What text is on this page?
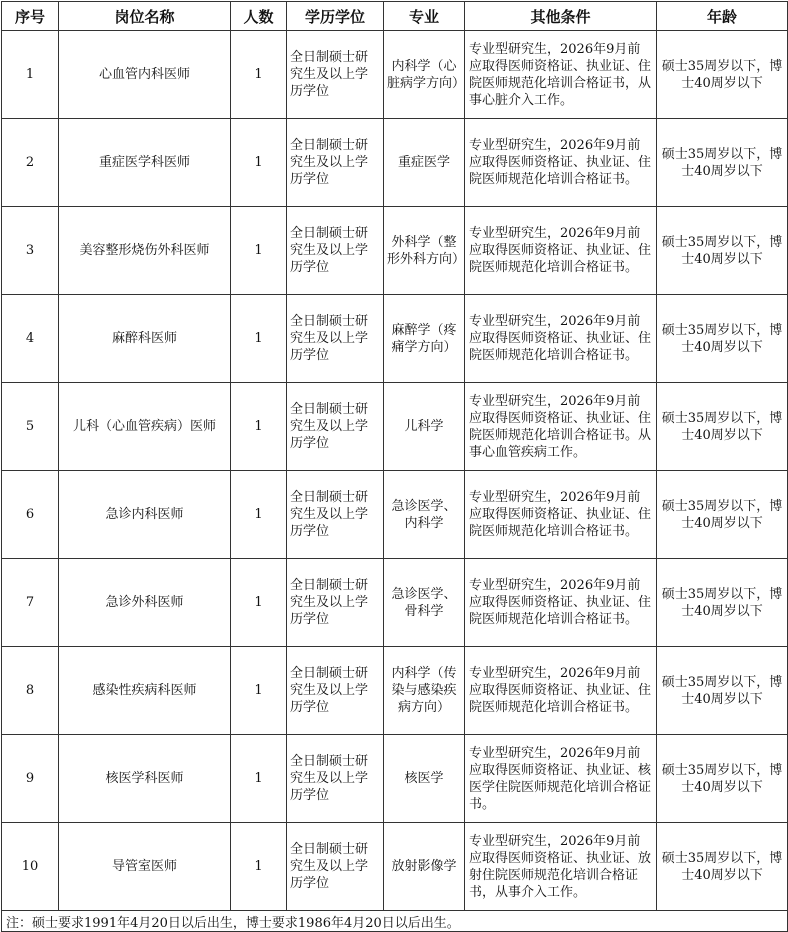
序号	岗位名称	人数	学历学位	专业	其他条件	年龄
1	心血管内科医师	1	全日制硕士研究生及以上学历学位	内科学（心脏病学方向）	专业型研究生，2026年9月前应取得医师资格证、执业证、住院医师规范化培训合格证书，从事心脏介入工作。	硕士35周岁以下，博士40周岁以下
2	重症医学科医师	1	全日制硕士研究生及以上学历学位	重症医学	专业型研究生，2026年9月前应取得医师资格证、执业证、住院医师规范化培训合格证书。	硕士35周岁以下，博士40周岁以下
3	美容整形烧伤外科医师	1	全日制硕士研究生及以上学历学位	外科学（整形外科方向）	专业型研究生，2026年9月前应取得医师资格证、执业证、住院医师规范化培训合格证书。	硕士35周岁以下，博士40周岁以下
4	麻醉科医师	1	全日制硕士研究生及以上学历学位	麻醉学（疼痛学方向）	专业型研究生，2026年9月前应取得医师资格证、执业证、住院医师规范化培训合格证书。	硕士35周岁以下，博士40周岁以下
5	儿科（心血管疾病）医师	1	全日制硕士研究生及以上学历学位	儿科学	专业型研究生，2026年9月前应取得医师资格证、执业证、住院医师规范化培训合格证书。从事心血管疾病工作。	硕士35周岁以下，博士40周岁以下
6	急诊内科医师	1	全日制硕士研究生及以上学历学位	急诊医学、内科学	专业型研究生，2026年9月前应取得医师资格证、执业证、住院医师规范化培训合格证书。	硕士35周岁以下，博士40周岁以下
7	急诊外科医师	1	全日制硕士研究生及以上学历学位	急诊医学、骨科学	专业型研究生，2026年9月前应取得医师资格证、执业证、住院医师规范化培训合格证书。	硕士35周岁以下，博士40周岁以下
8	感染性疾病科医师	1	全日制硕士研究生及以上学历学位	内科学（传染与感染疾病方向）	专业型研究生，2026年9月前应取得医师资格证、执业证、住院医师规范化培训合格证书。	硕士35周岁以下，博士40周岁以下
9	核医学科医师	1	全日制硕士研究生及以上学历学位	核医学	专业型研究生，2026年9月前应取得医师资格证、执业证、核医学住院医师规范化培训合格证书。	硕士35周岁以下，博士40周岁以下
10	导管室医师	1	全日制硕士研究生及以上学历学位	放射影像学	专业型研究生，2026年9月前应取得医师资格证、执业证、放射住院医师规范化培训合格证书，从事介入工作。	硕士35周岁以下，博士40周岁以下
注：硕士要求1991年4月20日以后出生，博士要求1986年4月20日以后出生。						
